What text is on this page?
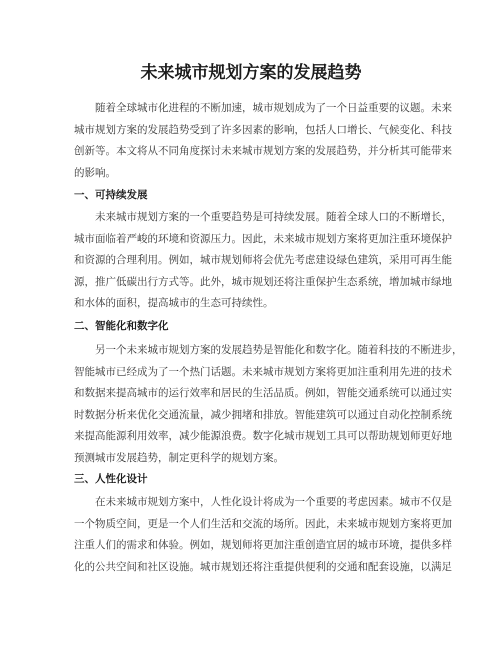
未来城市规划方案的发展趋势
　　随着全球城市化进程的不断加速，城市规划成为了一个日益重要的议题。未来
城市规划方案的发展趋势受到了许多因素的影响，包括人口增长、气候变化、科技
创新等。本文将从不同角度探讨未来城市规划方案的发展趋势，并分析其可能带来
的影响。
一、可持续发展
　　未来城市规划方案的一个重要趋势是可持续发展。随着全球人口的不断增长，
城市面临着严峻的环境和资源压力。因此，未来城市规划方案将更加注重环境保护
和资源的合理利用。例如，城市规划师将会优先考虑建设绿色建筑，采用可再生能
源，推广低碳出行方式等。此外，城市规划还将注重保护生态系统，增加城市绿地
和水体的面积，提高城市的生态可持续性。
二、智能化和数字化
　　另一个未来城市规划方案的发展趋势是智能化和数字化。随着科技的不断进步，
智能城市已经成为了一个热门话题。未来城市规划方案将更加注重利用先进的技术
和数据来提高城市的运行效率和居民的生活品质。例如，智能交通系统可以通过实
时数据分析来优化交通流量，减少拥堵和排放。智能建筑可以通过自动化控制系统
来提高能源利用效率，减少能源浪费。数字化城市规划工具可以帮助规划师更好地
预测城市发展趋势，制定更科学的规划方案。
三、人性化设计
　　在未来城市规划方案中，人性化设计将成为一个重要的考虑因素。城市不仅是
一个物质空间，更是一个人们生活和交流的场所。因此，未来城市规划方案将更加
注重人们的需求和体验。例如，规划师将更加注重创造宜居的城市环境，提供多样
化的公共空间和社区设施。城市规划还将注重提供便利的交通和配套设施，以满足
